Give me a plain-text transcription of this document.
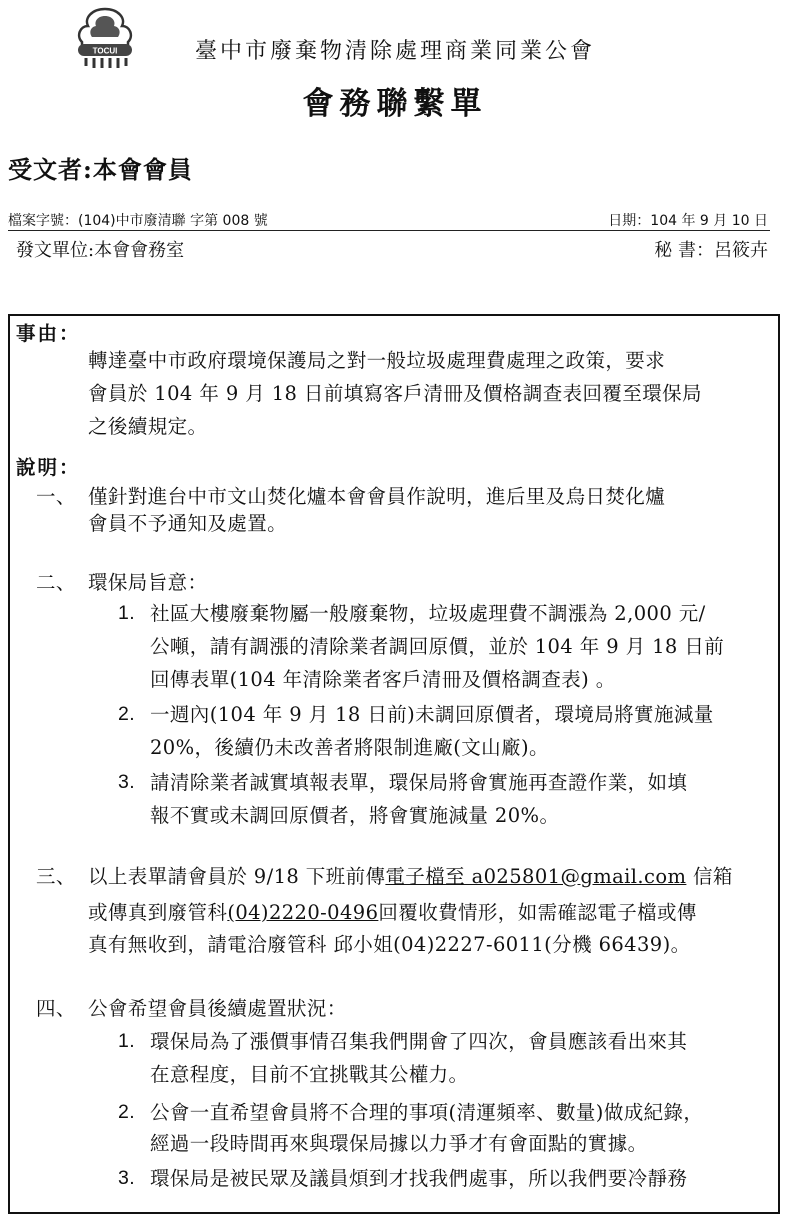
TOCUI	臺中市廢棄物清除處理商業同業公會
會務聯繫單
受文者:本會會員
檔案字號：(104)中市廢清聯 字第 008 號	日期：104 年 9 月 10 日
發文單位:本會會務室	秘 書：呂筱卉
事由：
轉達臺中市政府環境保護局之對一般垃圾處理費處理之政策，要求
會員於 104 年 9 月 18 日前填寫客戶清冊及價格調查表回覆至環保局
之後續規定。
說明：
一、 僅針對進台中市文山焚化爐本會會員作說明，進后里及烏日焚化爐
會員不予通知及處置。
二、 環保局旨意：
1. 社區大樓廢棄物屬一般廢棄物，垃圾處理費不調漲為 2,000 元/
公噸，請有調漲的清除業者調回原價，並於 104 年 9 月 18 日前
回傳表單(104 年清除業者客戶清冊及價格調查表) 。
2. 一週內(104 年 9 月 18 日前)未調回原價者，環境局將實施減量
20%，後續仍未改善者將限制進廠(文山廠)。
3. 請清除業者誠實填報表單，環保局將會實施再查證作業，如填
報不實或未調回原價者，將會實施減量 20%。
三、 以上表單請會員於 9/18 下班前傳電子檔至 a025801@gmail.com 信箱
或傳真到廢管科(04)2220-0496回覆收費情形，如需確認電子檔或傳
真有無收到，請電洽廢管科 邱小姐(04)2227-6011(分機 66439)。
四、 公會希望會員後續處置狀況：
1. 環保局為了漲價事情召集我們開會了四次，會員應該看出來其
在意程度，目前不宜挑戰其公權力。
2. 公會一直希望會員將不合理的事項(清運頻率、數量)做成紀錄，
經過一段時間再來與環保局據以力爭才有會面點的實據。
3. 環保局是被民眾及議員煩到才找我們處事，所以我們要冷靜務
